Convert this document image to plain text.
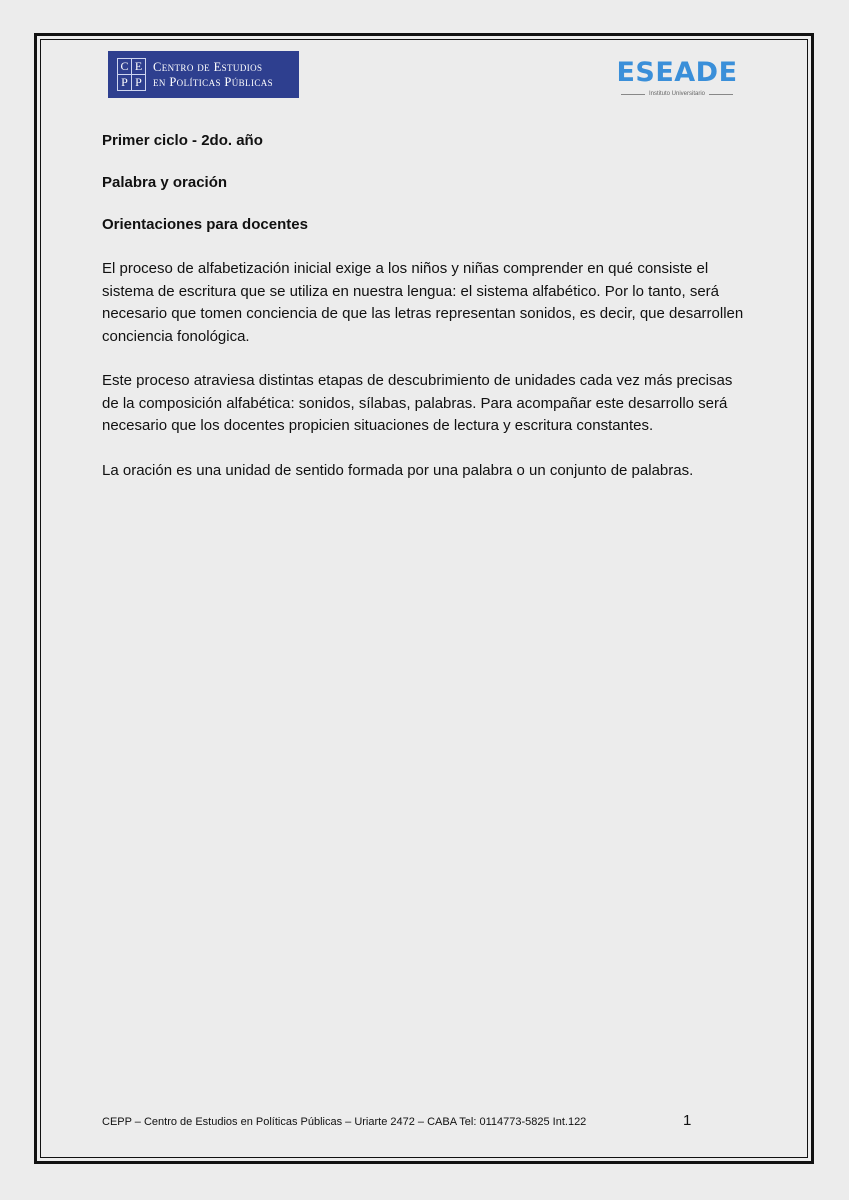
C E
P P
Centro de Estudios
en Políticas Públicas	ESEADE
Instituto Universitario
Primer ciclo - 2do. año
Palabra y oración
Orientaciones para docentes

El proceso de alfabetización inicial exige a los niños y niñas comprender en qué consiste el sistema de escritura que se utiliza en nuestra lengua: el sistema alfabético. Por lo tanto, será necesario que tomen conciencia de que las letras representan sonidos, es decir, que desarrollen conciencia fonológica.

Este proceso atraviesa distintas etapas de descubrimiento de unidades cada vez más precisas de la composición alfabética: sonidos, sílabas, palabras. Para acompañar este desarrollo será necesario que los docentes propicien situaciones de lectura y escritura constantes.

La oración es una unidad de sentido formada por una palabra o un conjunto de palabras.

CEPP – Centro de Estudios en Políticas Públicas – Uriarte 2472 – CABA Tel: 0114773-5825 Int.122	1
